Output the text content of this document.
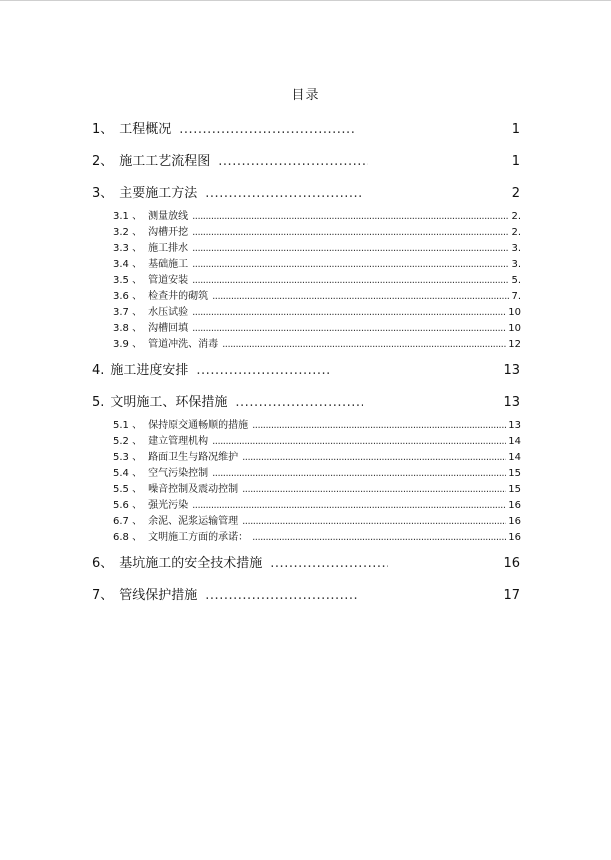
目录
1、 工程概况 .....	1
2、 施工工艺流程图 .....	1
3、 主要施工方法 .....	2
3.1 、 测量放线 .....	2.
3.2 、 沟槽开挖 .....	2.
3.3 、 施工排水 .....	3.
3.4 、 基础施工 .....	3.
3.5 、 管道安装 .....	5.
3.6 、 检查井的砌筑 .....	7.
3.7 、 水压试验 .....	10
3.8 、 沟槽回填 .....	10
3.9 、 管道冲洗、消毒 .....	12
4. 施工进度安排 .....	13
5. 文明施工、环保措施 .....	13
5.1 、 保持原交通畅顺的措施 .....	13
5.2 、 建立管理机构 .....	14
5.3 、 路面卫生与路况维护 .....	14
5.4 、 空气污染控制 .....	15
5.5 、 噪音控制及震动控制 .....	15
5.6 、 强光污染 .....	16
6.7 、 余泥、泥浆运输管理 .....	16
6.8 、 文明施工方面的承诺： .....	16
6、 基坑施工的安全技术措施 .....	16
7、 管线保护措施 .....	17
